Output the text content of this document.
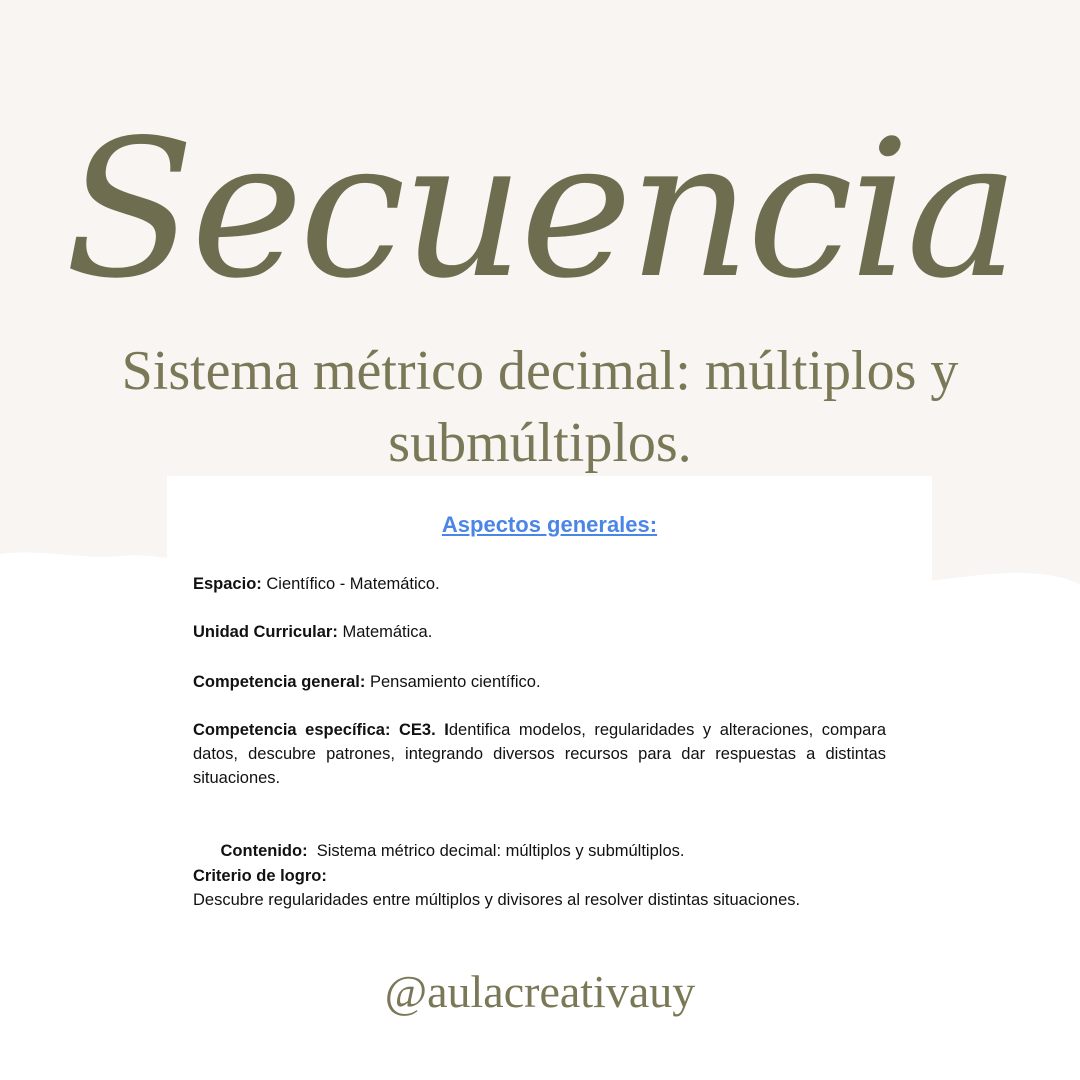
Secuencia
Sistema métrico decimal: múltiplos y submúltiplos.
Aspectos generales:
Espacio: Científico - Matemático.
Unidad Curricular: Matemática.
Competencia general: Pensamiento científico.
Competencia específica: CE3. Identifica modelos, regularidades y alteraciones, compara datos, descubre patrones, integrando diversos recursos para dar respuestas a distintas situaciones.

Contenido:  Sistema métrico decimal: múltiplos y submúltiplos.

Criterio de logro:
Descubre regularidades entre múltiplos y divisores al resolver distintas situaciones.
@aulacreativauy
